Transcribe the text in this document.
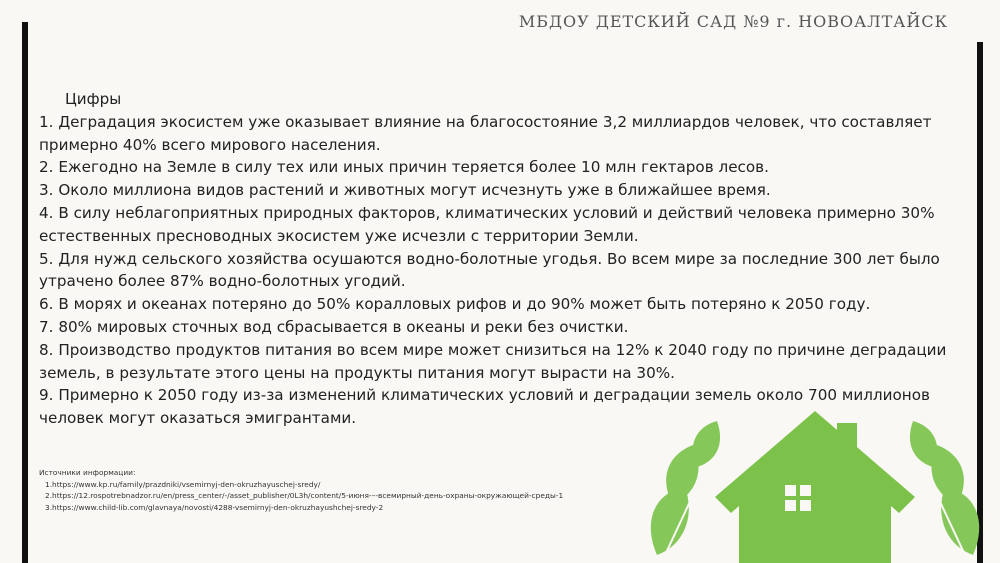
МБДОУ ДЕТСКИЙ САД №9 г. НОВОАЛТАЙСК

Цифры

1. Деградация экосистем уже оказывает влияние на благосостояние 3,2 миллиардов человек, что составляет примерно 40% всего мирового населения.

2. Ежегодно на Земле в силу тех или иных причин теряется более 10 млн гектаров лесов.

3. Около миллиона видов растений и животных могут исчезнуть уже в ближайшее время.

4. В силу неблагоприятных природных факторов, климатических условий и действий человека примерно 30% естественных пресноводных экосистем уже исчезли с территории Земли.

5. Для нужд сельского хозяйства осушаются водно-болотные угодья. Во всем мире за последние 300 лет было утрачено более 87% водно-болотных угодий.

6. В морях и океанах потеряно до 50% коралловых рифов и до 90% может быть потеряно к 2050 году.

7. 80% мировых сточных вод сбрасывается в океаны и реки без очистки.

8. Производство продуктов питания во всем мире может снизиться на 12% к 2040 году по причине деградации земель, в результате этого цены на продукты питания могут вырасти на 30%.

9. Примерно к 2050 году из-за изменений климатических условий и деградации земель около 700 миллионов человек могут оказаться эмигрантами.

Источники информации:
1.https://www.kp.ru/family/prazdniki/vsemirnyj-den-okruzhayuschej-sredy/
2.https://12.rospotrebnadzor.ru/en/press_center/-/asset_publisher/0L3h/content/5-июня-–-всемирный-день-охраны-окружающей-среды-1
3.https://www.child-lib.com/glavnaya/novosti/4288-vsemirnyj-den-okruzhayushchej-sredy-2
